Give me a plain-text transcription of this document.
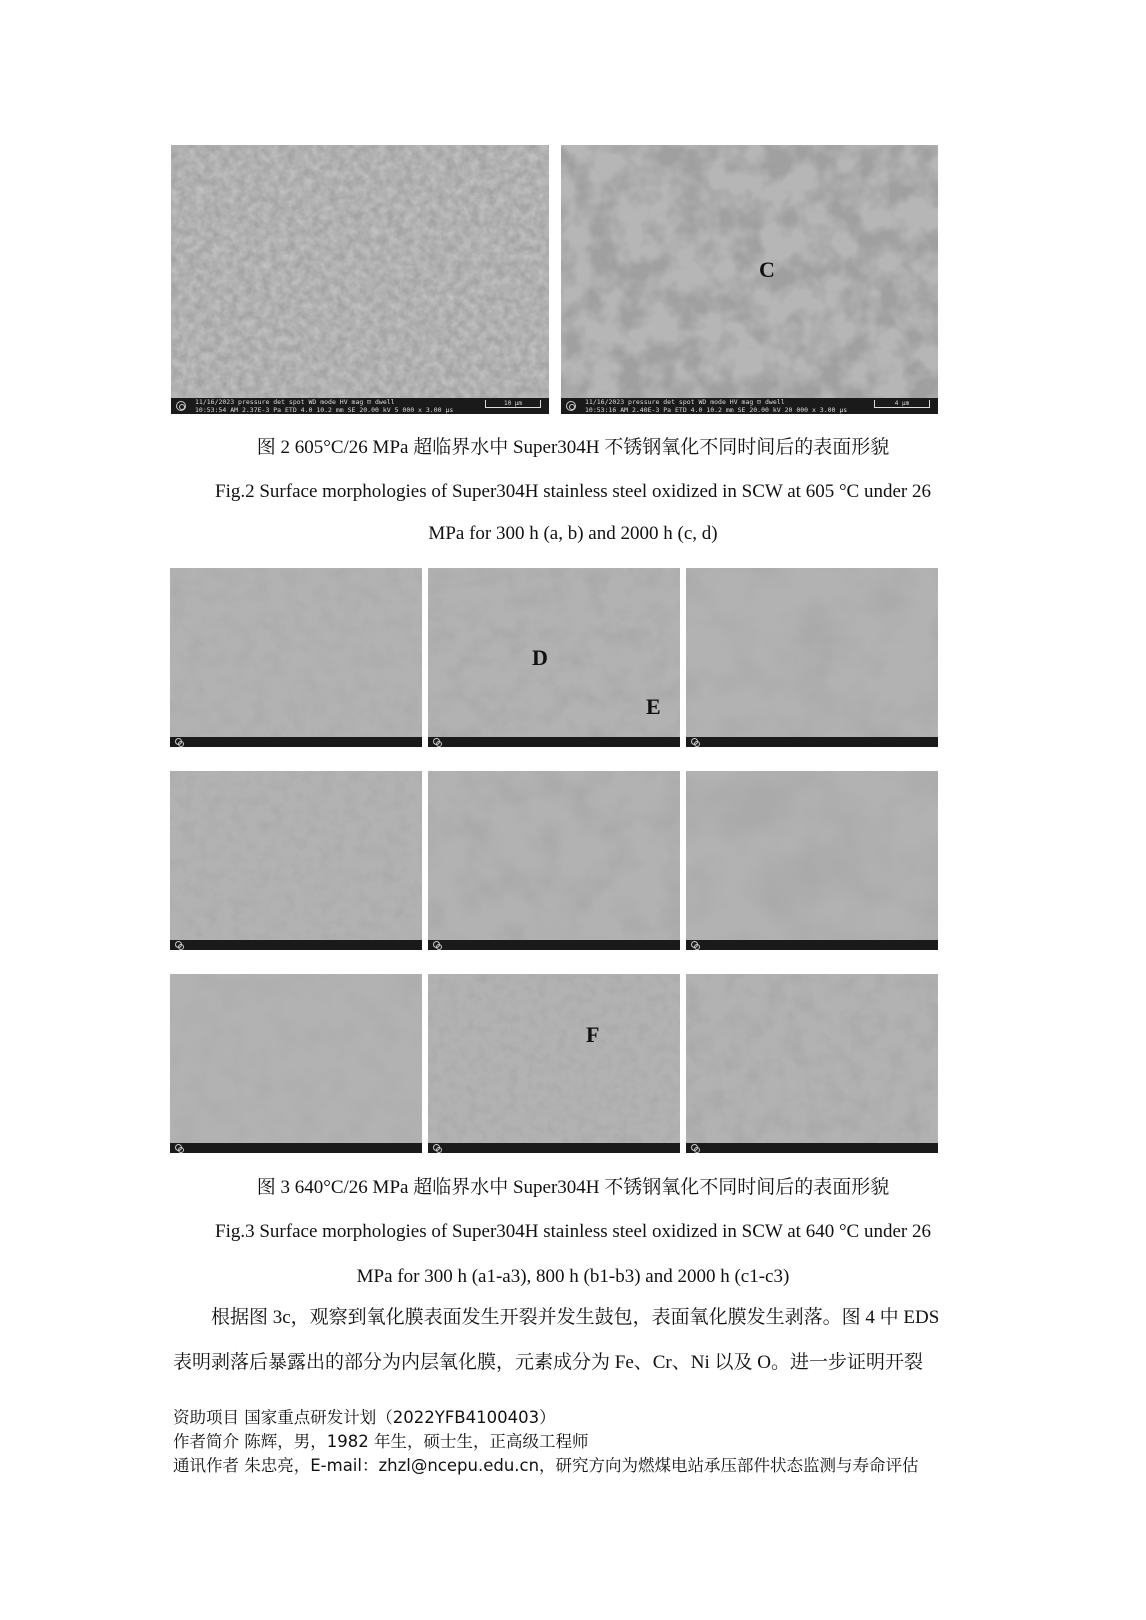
11/16/2023 pressure det spot WD mode HV mag ⊡ dwell
10:53:54 AM 2.37E-3 Pa ETD 4.0 10.2 mm SE 20.00 kV 5 000 x 3.00 µs
10 µm
C
11/16/2023 pressure det spot WD mode HV mag ⊡ dwell
10:53:16 AM 2.40E-3 Pa ETD 4.0 10.2 mm SE 20.00 kV 20 000 x 3.00 µs
4 µm
图 2 605°C/26 MPa 超临界水中 Super304H 不锈钢氧化不同时间后的表面形貌
Fig.2 Surface morphologies of Super304H stainless steel oxidized in SCW at 605 °C under 26
MPa for 300 h (a, b) and 2000 h (c, d)
D
E
F
图 3 640°C/26 MPa 超临界水中 Super304H 不锈钢氧化不同时间后的表面形貌
Fig.3 Surface morphologies of Super304H stainless steel oxidized in SCW at 640 °C under 26
MPa for 300 h (a1-a3), 800 h (b1-b3) and 2000 h (c1-c3)
根据图 3c，观察到氧化膜表面发生开裂并发生鼓包，表面氧化膜发生剥落。图 4 中 EDS
表明剥落后暴露出的部分为内层氧化膜，元素成分为 Fe、Cr、Ni 以及 O。进一步证明开裂
资助项目 国家重点研发计划（2022YFB4100403）
作者简介 陈辉，男，1982 年生，硕士生，正高级工程师
通讯作者 朱忠亮，E-mail：zhzl@ncepu.edu.cn，研究方向为燃煤电站承压部件状态监测与寿命评估
